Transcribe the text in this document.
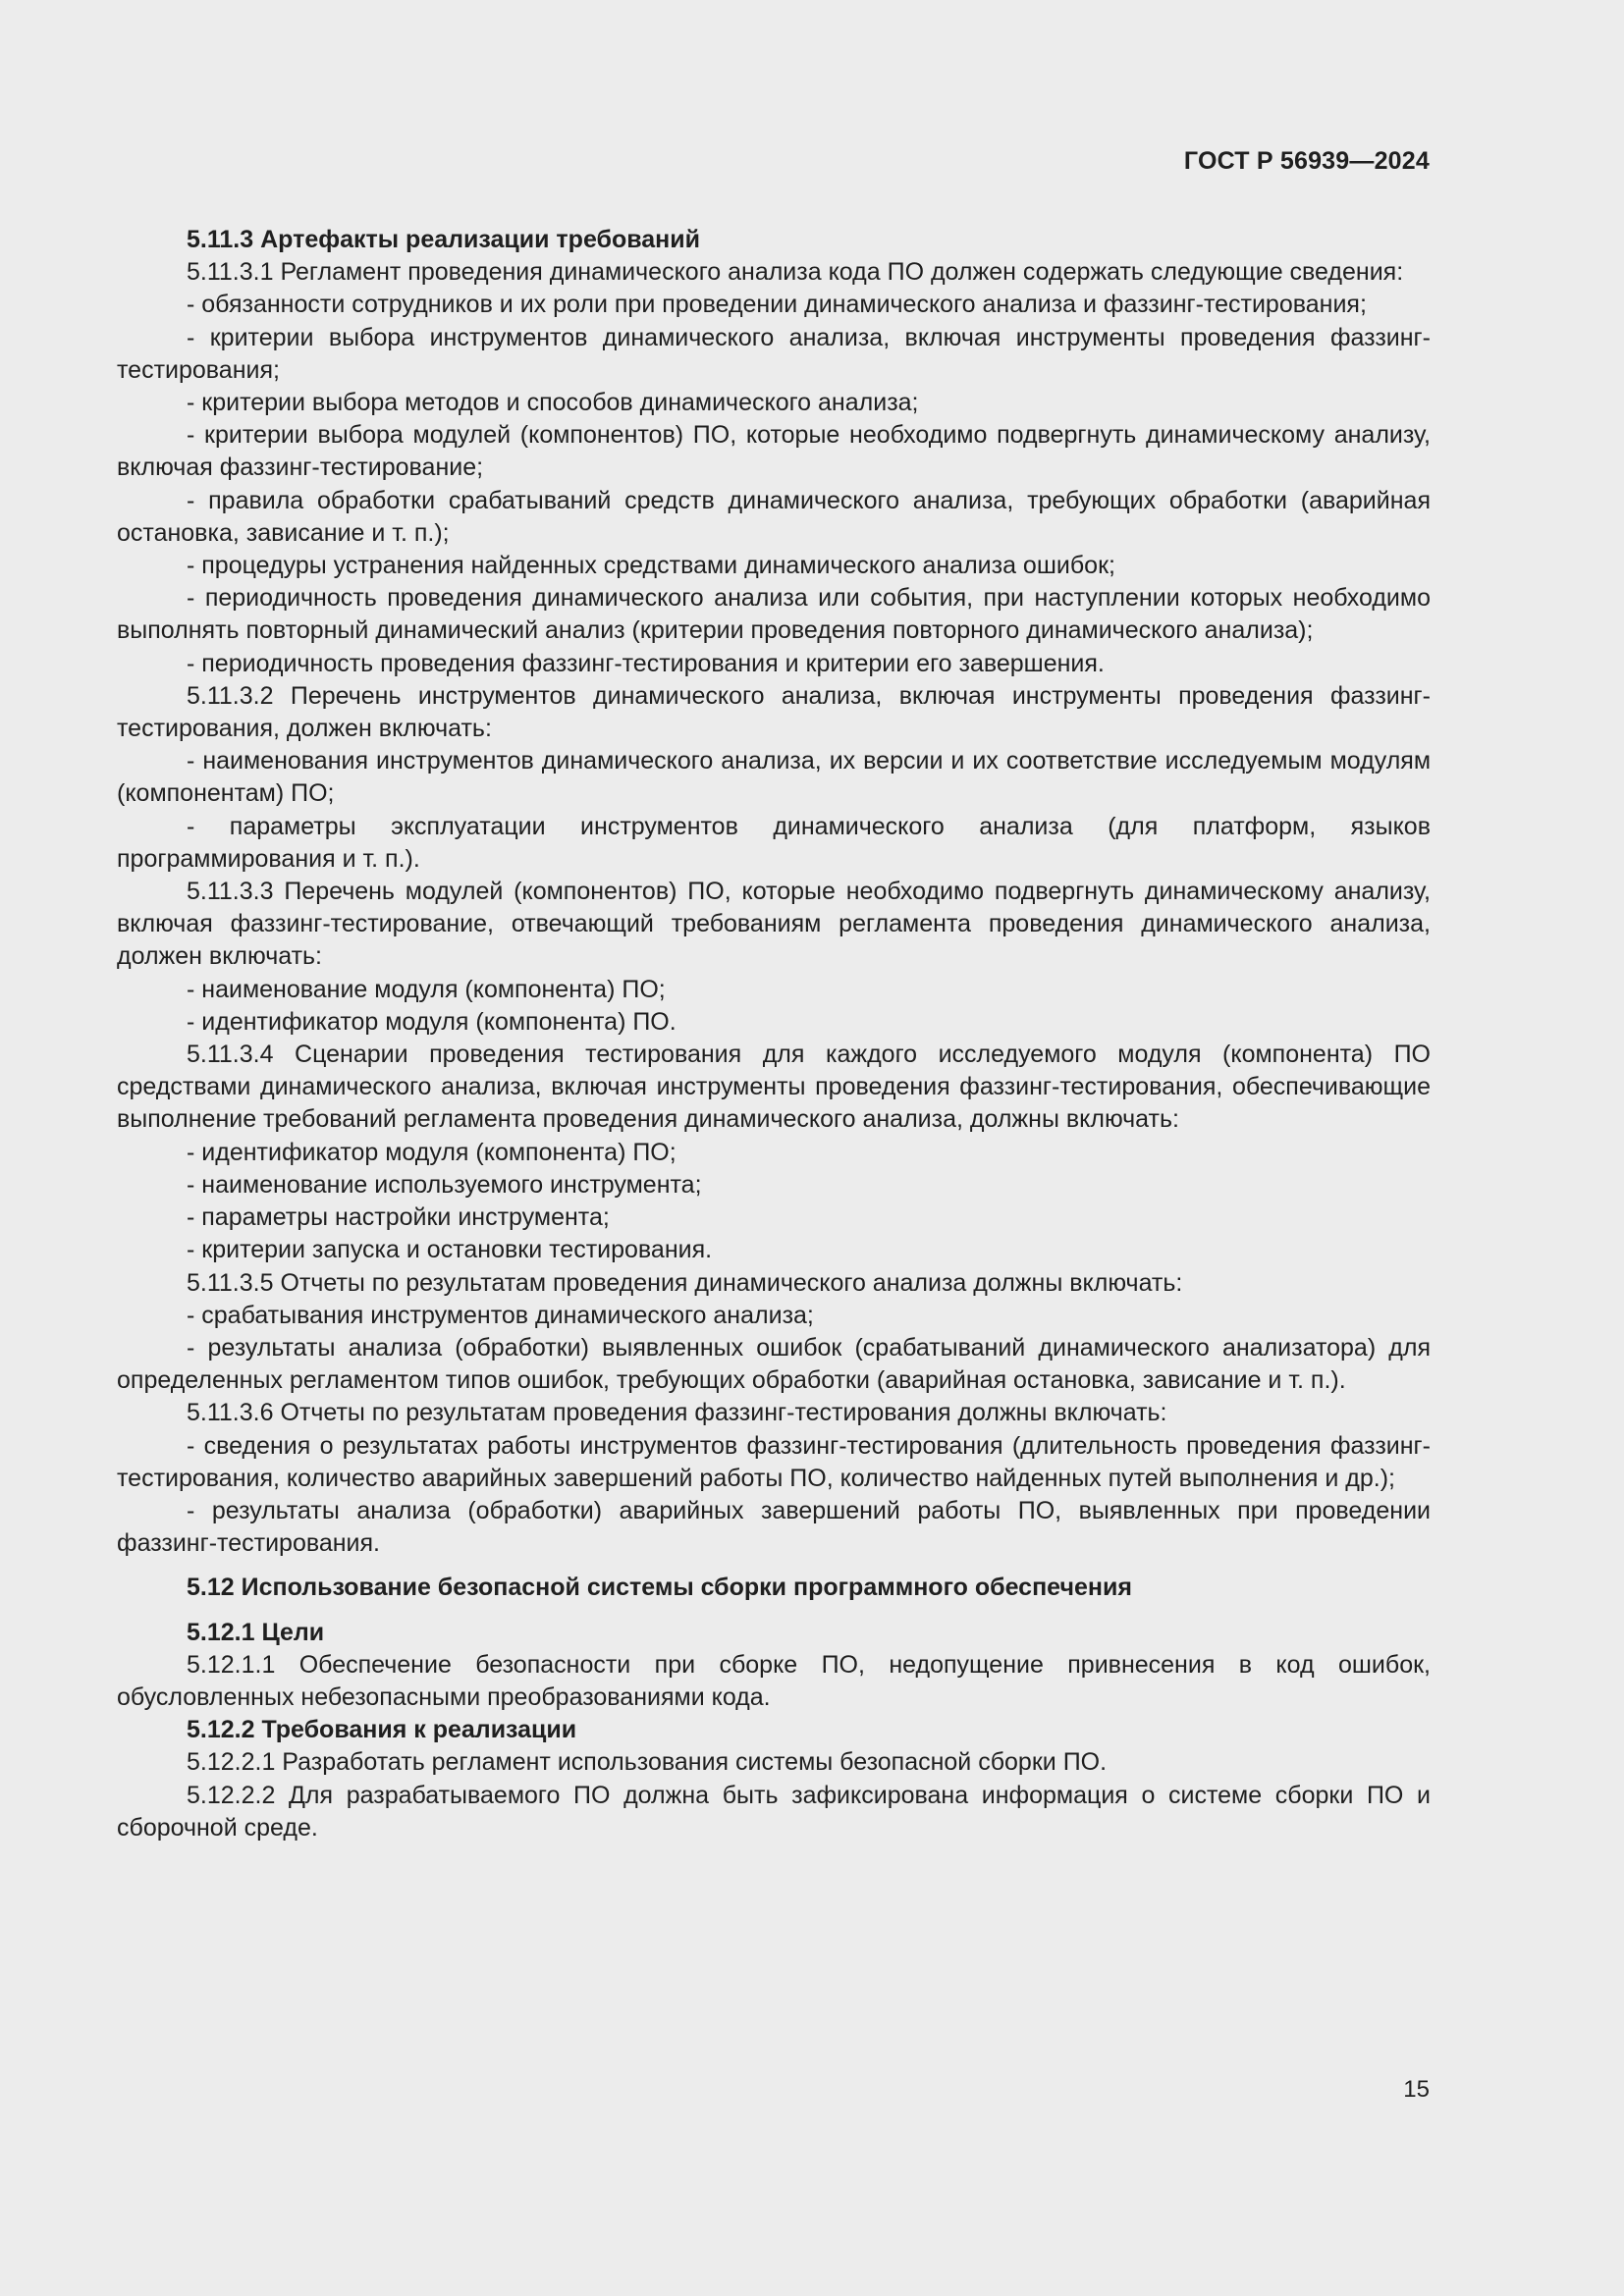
ГОСТ Р 56939—2024

5.11.3 Артефакты реализации требований

5.11.3.1 Регламент проведения динамического анализа кода ПО должен содержать следующие сведения:

- обязанности сотрудников и их роли при проведении динамического анализа и фаззинг-тестирования;

- критерии выбора инструментов динамического анализа, включая инструменты проведения фаззинг-тестирования;

- критерии выбора методов и способов динамического анализа;

- критерии выбора модулей (компонентов) ПО, которые необходимо подвергнуть динамическому анализу, включая фаззинг-тестирование;

- правила обработки срабатываний средств динамического анализа, требующих обработки (аварийная остановка, зависание и т. п.);

- процедуры устранения найденных средствами динамического анализа ошибок;

- периодичность проведения динамического анализа или события, при наступлении которых необходимо выполнять повторный динамический анализ (критерии проведения повторного динамического анализа);

- периодичность проведения фаззинг-тестирования и критерии его завершения.

5.11.3.2 Перечень инструментов динамического анализа, включая инструменты проведения фаззинг-тестирования, должен включать:

- наименования инструментов динамического анализа, их версии и их соответствие исследуемым модулям (компонентам) ПО;

- параметры эксплуатации инструментов динамического анализа (для платформ, языков программирования и т. п.).

5.11.3.3 Перечень модулей (компонентов) ПО, которые необходимо подвергнуть динамическому анализу, включая фаззинг-тестирование, отвечающий требованиям регламента проведения динамического анализа, должен включать:

- наименование модуля (компонента) ПО;

- идентификатор модуля (компонента) ПО.

5.11.3.4 Сценарии проведения тестирования для каждого исследуемого модуля (компонента) ПО средствами динамического анализа, включая инструменты проведения фаззинг-тестирования, обеспечивающие выполнение требований регламента проведения динамического анализа, должны включать:

- идентификатор модуля (компонента) ПО;

- наименование используемого инструмента;

- параметры настройки инструмента;

- критерии запуска и остановки тестирования.

5.11.3.5 Отчеты по результатам проведения динамического анализа должны включать:

- срабатывания инструментов динамического анализа;

- результаты анализа (обработки) выявленных ошибок (срабатываний динамического анализатора) для определенных регламентом типов ошибок, требующих обработки (аварийная остановка, зависание и т. п.).

5.11.3.6 Отчеты по результатам проведения фаззинг-тестирования должны включать:

- сведения о результатах работы инструментов фаззинг-тестирования (длительность проведения фаззинг-тестирования, количество аварийных завершений работы ПО, количество найденных путей выполнения и др.);

- результаты анализа (обработки) аварийных завершений работы ПО, выявленных при проведении фаззинг-тестирования.

5.12 Использование безопасной системы сборки программного обеспечения

5.12.1 Цели

5.12.1.1 Обеспечение безопасности при сборке ПО, недопущение привнесения в код ошибок, обусловленных небезопасными преобразованиями кода.

5.12.2 Требования к реализации

5.12.2.1 Разработать регламент использования системы безопасной сборки ПО.

5.12.2.2 Для разрабатываемого ПО должна быть зафиксирована информация о системе сборки ПО и сборочной среде.

15
